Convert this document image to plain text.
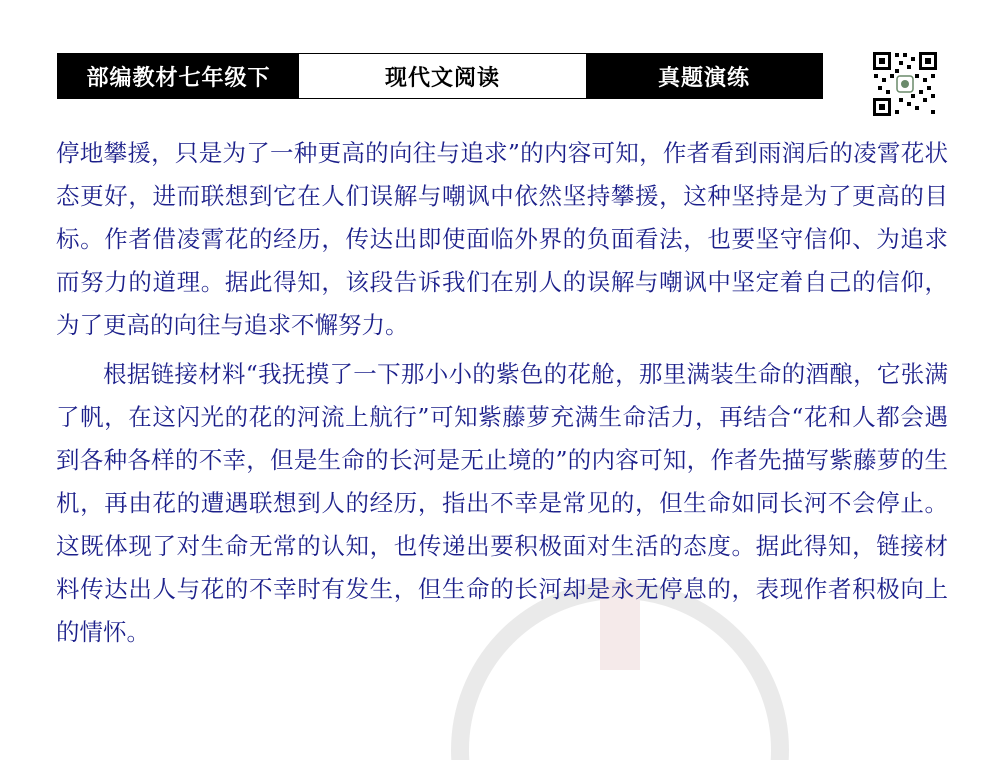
部编教材七年级下	现代文阅读	真题演练

停地攀援，只是为了一种更高的向往与追求”的内容可知，作者看到雨润后的凌霄花状态更好，进而联想到它在人们误解与嘲讽中依然坚持攀援，这种坚持是为了更高的目标。作者借凌霄花的经历，传达出即使面临外界的负面看法，也要坚守信仰、为追求而努力的道理。据此得知，该段告诉我们在别人的误解与嘲讽中坚定着自己的信仰，为了更高的向往与追求不懈努力。

根据链接材料“我抚摸了一下那小小的紫色的花舱，那里满装生命的酒酿，它张满了帆，在这闪光的花的河流上航行”可知紫藤萝充满生命活力，再结合“花和人都会遇到各种各样的不幸，但是生命的长河是无止境的”的内容可知，作者先描写紫藤萝的生机，再由花的遭遇联想到人的经历，指出不幸是常见的，但生命如同长河不会停止。这既体现了对生命无常的认知，也传递出要积极面对生活的态度。据此得知，链接材料传达出人与花的不幸时有发生，但生命的长河却是永无停息的，表现作者积极向上的情怀。
